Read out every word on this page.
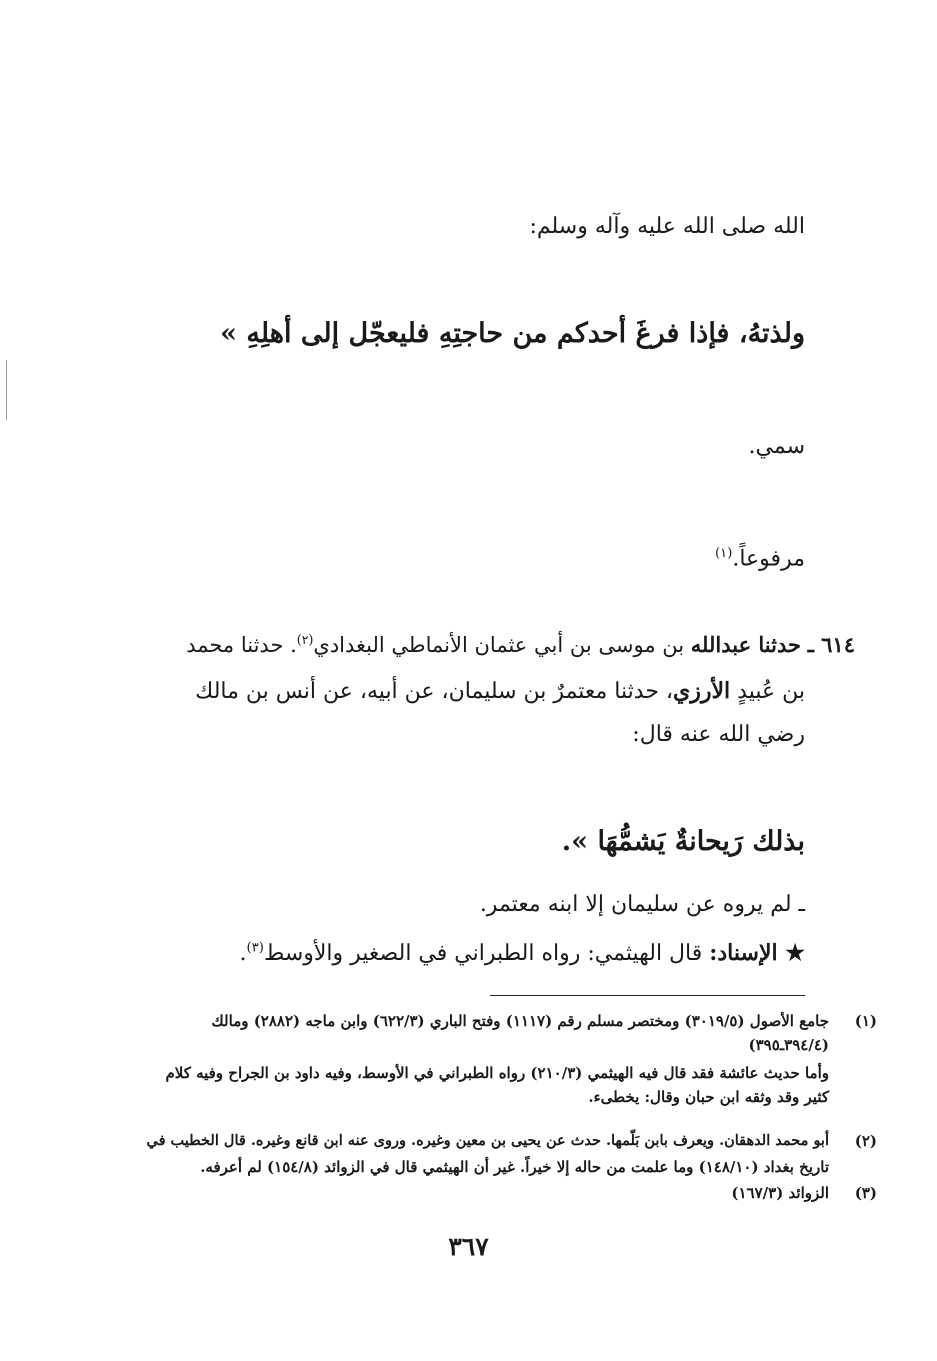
الله صلى الله عليه وآله وسلم:
ولذتهُ، فإذا فرغَ أحدكم من حاجتِهِ فليعجّل إلى أهلِهِ »
سمي.
مرفوعاً.$^{(١)}$
٦١٤ ـ حدثنا عبدالله بن موسى بن أبي عثمان الأنماطي البغدادي$^{(٢)}$. حدثنا محمد
بن عُبيدٍ الأرزي، حدثنا معتمرٌ بن سليمان، عن أبيه، عن أنس بن مالك
رضي الله عنه قال:
بذلك رَيحانةٌ يَشمُّهَا ».
ـ لم يروه عن سليمان إلا ابنه معتمر.
★ الإسناد: قال الهيثمي: رواه الطبراني في الصغير والأوسط$^{(٣)}$.
(١)
جامع الأصول (٣٠١٩/٥) ومختصر مسلم رقم (١١١٧) وفتح الباري (٦٢٢/٣) وابن ماجه (٢٨٨٢) ومالك
(٣٩٤/٤ـ٣٩٥)
وأما حديث عائشة فقد قال فيه الهيثمي (٢١٠/٣) رواه الطبراني في الأوسط، وفيه داود بن الجراح وفيه كلام
كثير وقد وثقه ابن حبان وقال: يخطىء.
(٢)
أبو محمد الدهقان. ويعرف بابن بَلّمها. حدث عن يحيى بن معين وغيره. وروى عنه ابن قانع وغيره. قال الخطيب في
تاريخ بغداد (١٤٨/١٠) وما علمت من حاله إلا خيراً. غير أن الهيثمي قال في الزوائد (١٥٤/٨) لم أعرفه.
(٣)
الزوائد (١٦٧/٣)
٣٦٧
